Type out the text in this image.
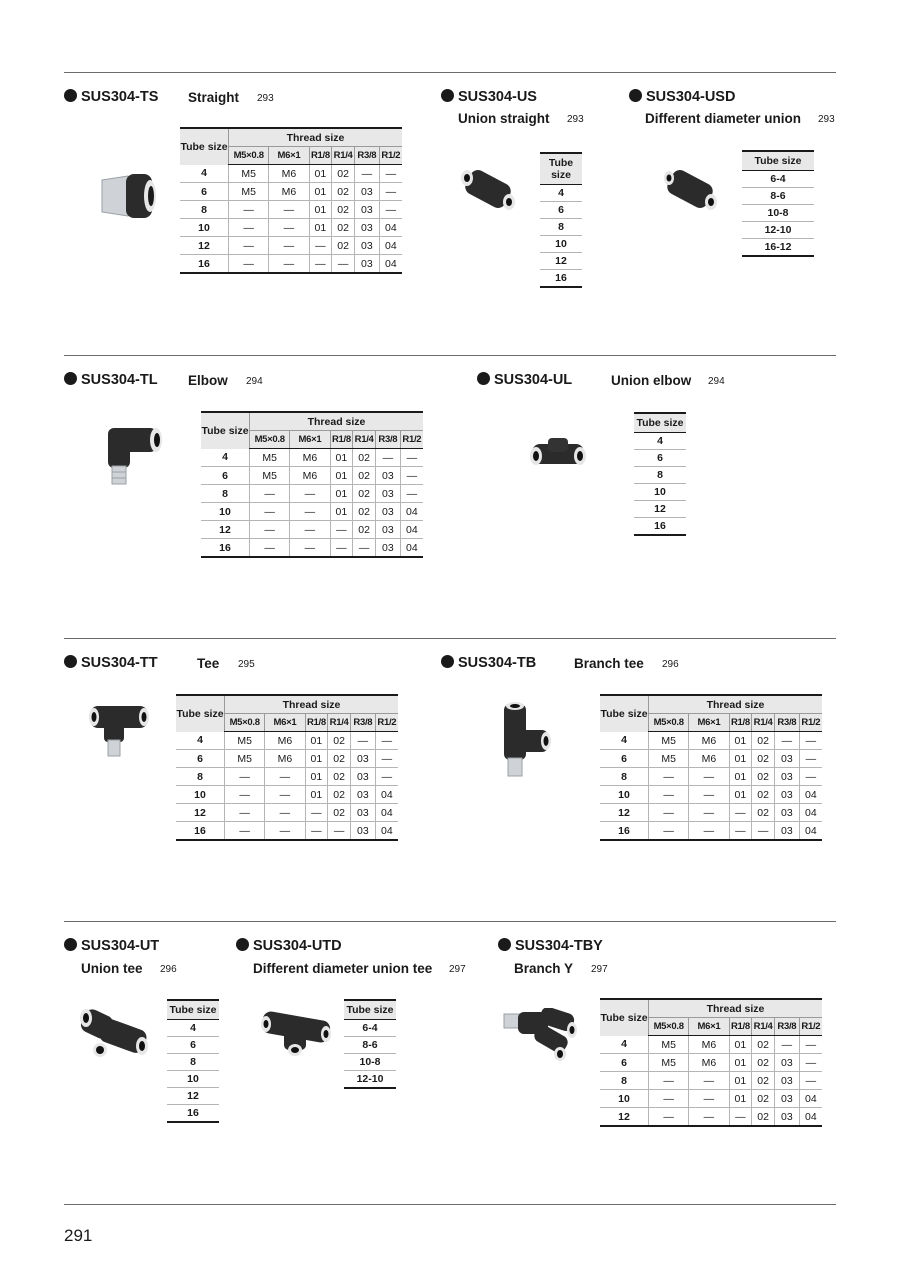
SUS304-TS Straight 293
Tube size	Thread size					
	M5×0.8	M6×1	R1/8	R1/4	R3/8	R1/2
4	M5	M6	01	02	—	—
6	M5	M6	01	02	03	—
8	—	—	01	02	03	—
10	—	—	01	02	03	04
12	—	—	—	02	03	04
16	—	—	—	—	03	04
SUS304-US
Union straight 293
Tube size
4
6
8
10
12
16
SUS304-USD
Different diameter union 293
Tube size
6-4
8-6
10-8
12-10
16-12
SUS304-TL Elbow 294
Tube size	Thread size					
	M5×0.8	M6×1	R1/8	R1/4	R3/8	R1/2
4	M5	M6	01	02	—	—
6	M5	M6	01	02	03	—
8	—	—	01	02	03	—
10	—	—	01	02	03	04
12	—	—	—	02	03	04
16	—	—	—	—	03	04
SUS304-UL	Union elbow 294
Tube size
4
6
8
10
12
16
SUS304-TT	Tee 295
Tube size	Thread size					
	M5×0.8	M6×1	R1/8	R1/4	R3/8	R1/2
4	M5	M6	01	02	—	—
6	M5	M6	01	02	03	—
8	—	—	01	02	03	—
10	—	—	01	02	03	04
12	—	—	—	02	03	04
16	—	—	—	—	03	04
SUS304-TB	Branch tee 296
Tube size	Thread size					
	M5×0.8	M6×1	R1/8	R1/4	R3/8	R1/2
4	M5	M6	01	02	—	—
6	M5	M6	01	02	03	—
8	—	—	01	02	03	—
10	—	—	01	02	03	04
12	—	—	—	02	03	04
16	—	—	—	—	03	04
SUS304-UT
Union tee 296
Tube size
4
6
8
10
12
16
SUS304-UTD
Different diameter union tee 297
Tube size
6-4
8-6
10-8
12-10
SUS304-TBY
Branch Y 297
Tube size	Thread size					
	M5×0.8	M6×1	R1/8	R1/4	R3/8	R1/2
4	M5	M6	01	02	—	—
6	M5	M6	01	02	03	—
8	—	—	01	02	03	—
10	—	—	01	02	03	04
12	—	—	—	02	03	04
291
